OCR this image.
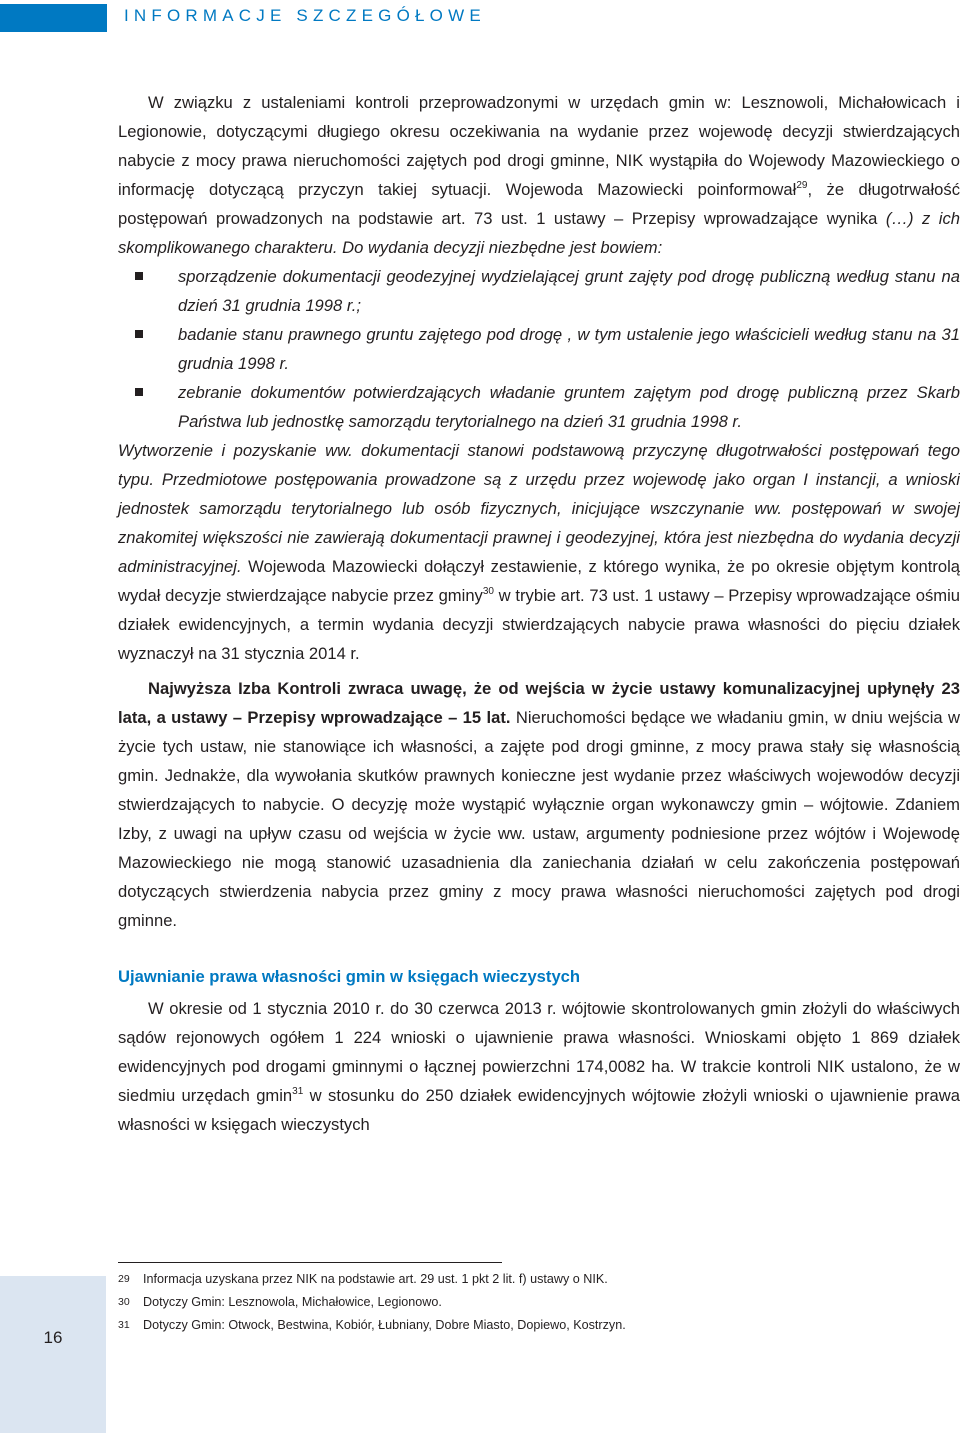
INFORMACJE SZCZEGÓŁOWE

W związku z ustaleniami kontroli przeprowadzonymi w urzędach gmin w: Lesznowoli, Michałowicach i Legionowie, dotyczącymi długiego okresu oczekiwania na wydanie przez wojewodę decyzji stwierdzających nabycie z mocy prawa nieruchomości zajętych pod drogi gminne, NIK wystąpiła do Wojewody Mazowieckiego o informację dotyczącą przyczyn takiej sytuacji. Wojewoda Mazowiecki poinformował$^{29}$, że długotrwałość postępowań prowadzonych na podstawie art. 73 ust. 1 ustawy – Przepisy wprowadzające wynika (…) z ich skomplikowanego charakteru. Do wydania decyzji niezbędne jest bowiem:

sporządzenie dokumentacji geodezyjnej wydzielającej grunt zajęty pod drogę publiczną według stanu na dzień 31 grudnia 1998 r.;
badanie stanu prawnego gruntu zajętego pod drogę , w tym ustalenie jego właścicieli według stanu na 31 grudnia 1998 r.
zebranie dokumentów potwierdzających władanie gruntem zajętym pod drogę publiczną przez Skarb Państwa lub jednostkę samorządu terytorialnego na dzień 31 grudnia 1998 r.

Wytworzenie i pozyskanie ww. dokumentacji stanowi podstawową przyczynę długotrwałości postępowań tego typu. Przedmiotowe postępowania prowadzone są z urzędu przez wojewodę jako organ I instancji, a wnioski jednostek samorządu terytorialnego lub osób fizycznych, inicjujące wszczynanie ww. postępowań w swojej znakomitej większości nie zawierają dokumentacji prawnej i geodezyjnej, która jest niezbędna do wydania decyzji administracyjnej. Wojewoda Mazowiecki dołączył zestawienie, z którego wynika, że po okresie objętym kontrolą wydał decyzje stwierdzające nabycie przez gminy$^{30}$ w trybie art. 73 ust. 1 ustawy – Przepisy wprowadzające ośmiu działek ewidencyjnych, a termin wydania decyzji stwierdzających nabycie prawa własności do pięciu działek wyznaczył na 31 stycznia 2014 r.

Najwyższa Izba Kontroli zwraca uwagę, że od wejścia w życie ustawy komunalizacyjnej upłynęły 23 lata, a ustawy – Przepisy wprowadzające – 15 lat. Nieruchomości będące we władaniu gmin, w dniu wejścia w życie tych ustaw, nie stanowiące ich własności, a zajęte pod drogi gminne, z mocy prawa stały się własnością gmin. Jednakże, dla wywołania skutków prawnych konieczne jest wydanie przez właściwych wojewodów decyzji stwierdzających to nabycie. O decyzję może wystąpić wyłącznie organ wykonawczy gmin – wójtowie. Zdaniem Izby, z uwagi na upływ czasu od wejścia w życie ww. ustaw, argumenty podniesione przez wójtów i Wojewodę Mazowieckiego nie mogą stanowić uzasadnienia dla zaniechania działań w celu zakończenia postępowań dotyczących stwierdzenia nabycia przez gminy z mocy prawa własności nieruchomości zajętych pod drogi gminne.

Ujawnianie prawa własności gmin w księgach wieczystych

W okresie od 1 stycznia 2010 r. do 30 czerwca 2013 r. wójtowie skontrolowanych gmin złożyli do właściwych sądów rejonowych ogółem 1 224 wnioski o ujawnienie prawa własności. Wnioskami objęto 1 869 działek ewidencyjnych pod drogami gminnymi o łącznej powierzchni 174,0082 ha. W trakcie kontroli NIK ustalono, że w siedmiu urzędach gmin$^{31}$ w stosunku do 250 działek ewidencyjnych wójtowie złożyli wnioski o ujawnienie prawa własności w księgach wieczystych

29	Informacja uzyskana przez NIK na podstawie art. 29 ust. 1 pkt 2 lit. f) ustawy o NIK.
30	Dotyczy Gmin: Lesznowola, Michałowice, Legionowo.
31	Dotyczy Gmin: Otwock, Bestwina, Kobiór, Łubniany, Dobre Miasto, Dopiewo, Kostrzyn.
16
